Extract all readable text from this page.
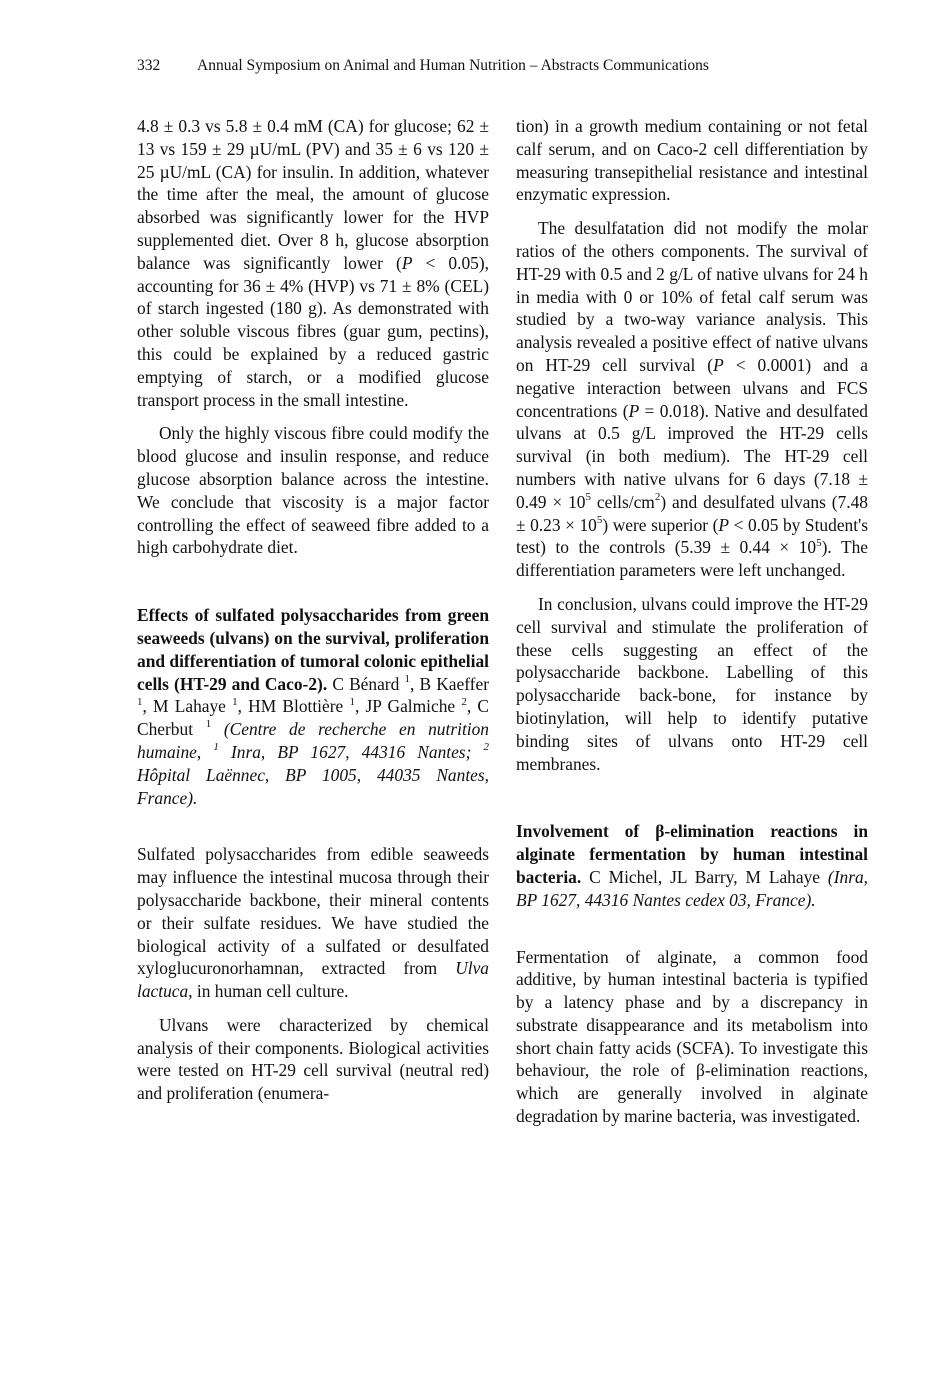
332 Annual Symposium on Animal and Human Nutrition – Abstracts Communications

4.8 ± 0.3 vs 5.8 ± 0.4 mM (CA) for glucose; 62 ± 13 vs 159 ± 29 µU/mL (PV) and 35 ± 6 vs 120 ± 25 µU/mL (CA) for insulin. In addition, whatever the time after the meal, the amount of glucose absorbed was significantly lower for the HVP supplemented diet. Over 8 h, glucose absorption balance was significantly lower (P < 0.05), accounting for 36 ± 4% (HVP) vs 71 ± 8% (CEL) of starch ingested (180 g). As demonstrated with other soluble viscous fibres (guar gum, pectins), this could be explained by a reduced gastric emptying of starch, or a modified glucose transport process in the small intestine.

Only the highly viscous fibre could modify the blood glucose and insulin response, and reduce glucose absorption balance across the intestine. We conclude that viscosity is a major factor controlling the effect of seaweed fibre added to a high carbohydrate diet.

Effects of sulfated polysaccharides from green seaweeds (ulvans) on the survival, proliferation and differentiation of tumoral colonic epithelial cells (HT-29 and Caco-2). C Bénard $^1$, B Kaeffer $^1$, M Lahaye $^1$, HM Blottière $^1$, JP Galmiche $^2$, C Cherbut $^1$ (Centre de recherche en nutrition humaine, $^1$ Inra, BP 1627, 44316 Nantes; $^2$ Hôpital Laënnec, BP 1005, 44035 Nantes, France).

Sulfated polysaccharides from edible seaweeds may influence the intestinal mucosa through their polysaccharide backbone, their mineral contents or their sulfate residues. We have studied the biological activity of a sulfated or desulfated xyloglucuronorhamnan, extracted from Ulva lactuca, in human cell culture.

Ulvans were characterized by chemical analysis of their components. Biological activities were tested on HT-29 cell survival (neutral red) and proliferation (enumera-

tion) in a growth medium containing or not fetal calf serum, and on Caco-2 cell differentiation by measuring transepithelial resistance and intestinal enzymatic expression.

The desulfatation did not modify the molar ratios of the others components. The survival of HT-29 with 0.5 and 2 g/L of native ulvans for 24 h in media with 0 or 10% of fetal calf serum was studied by a two-way variance analysis. This analysis revealed a positive effect of native ulvans on HT-29 cell survival (P < 0.0001) and a negative interaction between ulvans and FCS concentrations (P = 0.018). Native and desulfated ulvans at 0.5 g/L improved the HT-29 cells survival (in both medium). The HT-29 cell numbers with native ulvans for 6 days ($7.18 \pm 0.49 \times 10^5$ cells/$cm^2$) and desulfated ulvans $(7.48 \pm 0.23 \times 10^5)$ were superior (P < 0.05 by Student's test) to the controls $(5.39 \pm 0.44 \times 10^5)$. The differentiation parameters were left unchanged.

In conclusion, ulvans could improve the HT-29 cell survival and stimulate the proliferation of these cells suggesting an effect of the polysaccharide backbone. Labelling of this polysaccharide back-bone, for instance by biotinylation, will help to identify putative binding sites of ulvans onto HT-29 cell membranes.

Involvement of β-elimination reactions in alginate fermentation by human intestinal bacteria. C Michel, JL Barry, M Lahaye (Inra, BP 1627, 44316 Nantes cedex 03, France).

Fermentation of alginate, a common food additive, by human intestinal bacteria is typified by a latency phase and by a discrepancy in substrate disappearance and its metabolism into short chain fatty acids (SCFA). To investigate this behaviour, the role of β-elimination reactions, which are generally involved in alginate degradation by marine bacteria, was investigated.
